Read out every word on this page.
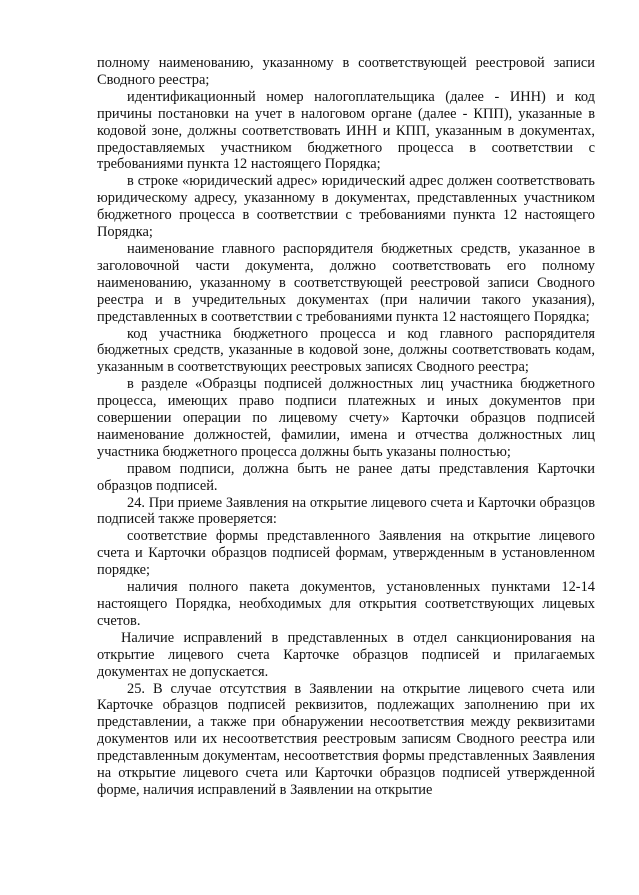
полному наименованию, указанному в соответствующей реестровой записи Сводного реестра;

идентификационный номер налогоплательщика (далее - ИНН) и код причины постановки на учет в налоговом органе (далее - КПП), указанные в кодовой зоне, должны соответствовать ИНН и КПП, указанным в документах, предоставляемых участником бюджетного процесса в соответствии с требованиями пункта 12 настоящего Порядка;

в строке «юридический адрес» юридический адрес должен соответствовать юридическому адресу, указанному в документах, представленных участником бюджетного процесса в соответствии с требованиями пункта 12 настоящего Порядка;

наименование главного распорядителя бюджетных средств, указанное в заголовочной части документа, должно соответствовать его полному наименованию, указанному в соответствующей реестровой записи Сводного реестра и в учредительных документах (при наличии такого указания), представленных в соответствии с требованиями пункта 12 настоящего Порядка;

код участника бюджетного процесса и код главного распорядителя бюджетных средств, указанные в кодовой зоне, должны соответствовать кодам, указанным в соответствующих реестровых записях Сводного реестра;

в разделе «Образцы подписей должностных лиц участника бюджетного процесса, имеющих право подписи платежных и иных документов при совершении операции по лицевому счету» Карточки образцов подписей наименование должностей, фамилии, имена и отчества должностных лиц участника бюджетного процесса должны быть указаны полностью;

правом подписи, должна быть не ранее даты представления Карточки образцов подписей.

24. При приеме Заявления на открытие лицевого счета и Карточки образцов подписей также проверяется:

соответствие формы представленного Заявления на открытие лицевого счета и Карточки образцов подписей формам, утвержденным в установленном порядке;

наличия полного пакета документов, установленных пунктами 12-14 настоящего Порядка, необходимых для открытия соответствующих лицевых счетов.

Наличие исправлений в представленных в отдел санкционирования на открытие лицевого счета Карточке образцов подписей и прилагаемых документах не допускается.

25. В случае отсутствия в Заявлении на открытие лицевого счета или Карточке образцов подписей реквизитов, подлежащих заполнению при их представлении, а также при обнаружении несоответствия между реквизитами документов или их несоответствия реестровым записям Сводного реестра или представленным документам, несоответствия формы представленных Заявления на открытие лицевого счета или Карточки образцов подписей утвержденной форме, наличия исправлений в Заявлении на открытие
